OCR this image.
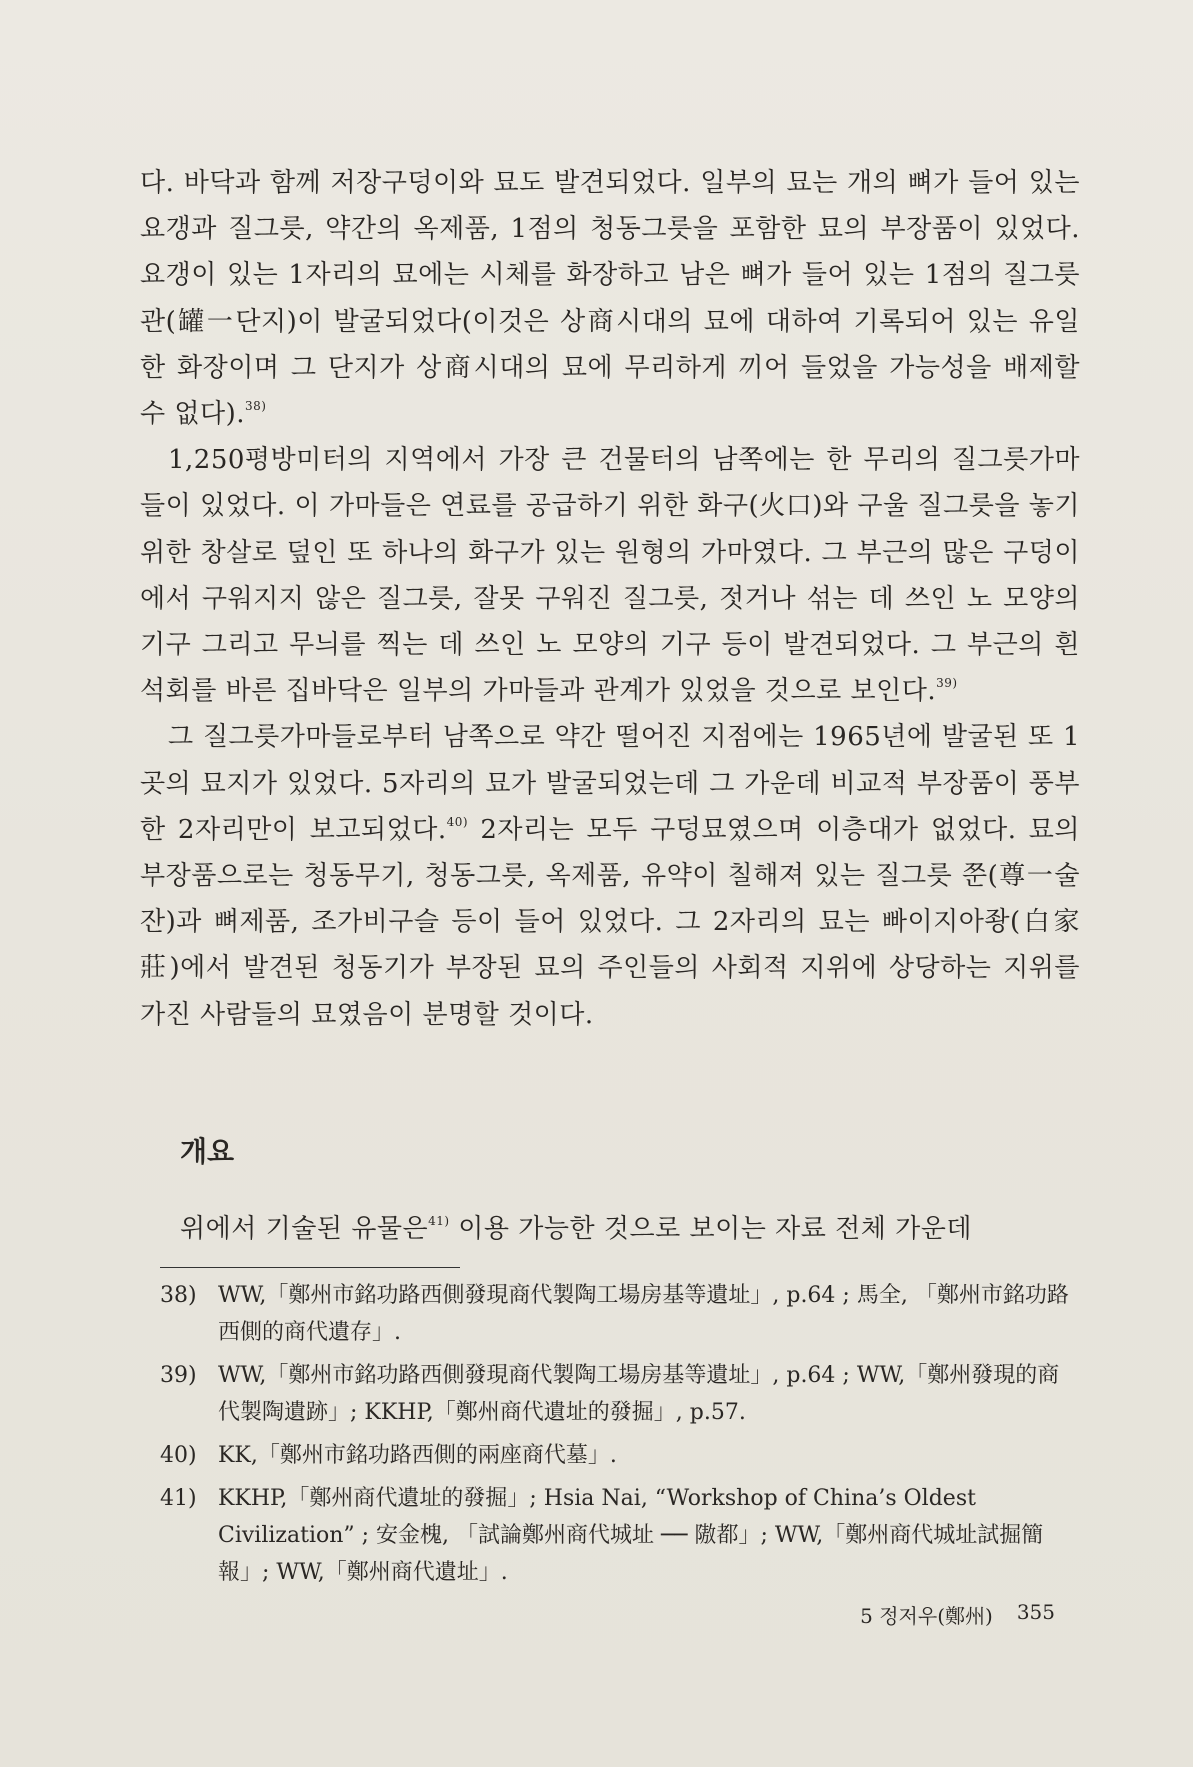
다. 바닥과 함께 저장구덩이와 묘도 발견되었다. 일부의 묘는 개의 뼈가 들어 있는 요갱과 질그릇, 약간의 옥제품, 1점의 청동그릇을 포함한 묘의 부장품이 있었다. 요갱이 있는 1자리의 묘에는 시체를 화장하고 남은 뼈가 들어 있는 1점의 질그릇 관(罐一단지)이 발굴되었다(이것은 상商시대의 묘에 대하여 기록되어 있는 유일한 화장이며 그 단지가 상商시대의 묘에 무리하게 끼어 들었을 가능성을 배제할 수 없다).$^{38)}$

1,250평방미터의 지역에서 가장 큰 건물터의 남쪽에는 한 무리의 질그릇가마들이 있었다. 이 가마들은 연료를 공급하기 위한 화구(火口)와 구울 질그릇을 놓기 위한 창살로 덮인 또 하나의 화구가 있는 원형의 가마였다. 그 부근의 많은 구덩이에서 구워지지 않은 질그릇, 잘못 구워진 질그릇, 젓거나 섞는 데 쓰인 노 모양의 기구 그리고 무늬를 찍는 데 쓰인 노 모양의 기구 등이 발견되었다. 그 부근의 흰 석회를 바른 집바닥은 일부의 가마들과 관계가 있었을 것으로 보인다.$^{39)}$

그 질그릇가마들로부터 남쪽으로 약간 떨어진 지점에는 1965년에 발굴된 또 1곳의 묘지가 있었다. 5자리의 묘가 발굴되었는데 그 가운데 비교적 부장품이 풍부한 2자리만이 보고되었다.$^{40)}$ 2자리는 모두 구덩묘였으며 이층대가 없었다. 묘의 부장품으로는 청동무기, 청동그릇, 옥제품, 유약이 칠해져 있는 질그릇 쭌(尊一술잔)과 뼈제품, 조가비구슬 등이 들어 있었다. 그 2자리의 묘는 빠이지아좡(白家莊)에서 발견된 청동기가 부장된 묘의 주인들의 사회적 지위에 상당하는 지위를 가진 사람들의 묘였음이 분명할 것이다.

개요

위에서 기술된 유물은$^{41)}$ 이용 가능한 것으로 보이는 자료 전체 가운데

38) WW,「鄭州市銘功路西側發現商代製陶工場房基等遺址」, p.64 ; 馬全, 「鄭州市銘功路西側的商代遺存」.
39) WW,「鄭州市銘功路西側發現商代製陶工場房基等遺址」, p.64 ; WW,「鄭州發現的商代製陶遺跡」; KKHP,「鄭州商代遺址的發掘」, p.57.
40) KK,「鄭州市銘功路西側的兩座商代墓」.
41) KKHP,「鄭州商代遺址的發掘」; Hsia Nai, “Workshop of China’s Oldest Civilization” ; 安金槐, 「試論鄭州商代城址 ── 隞都」; WW,「鄭州商代城址試掘簡報」; WW,「鄭州商代遺址」.
5 정저우(鄭州) 355
